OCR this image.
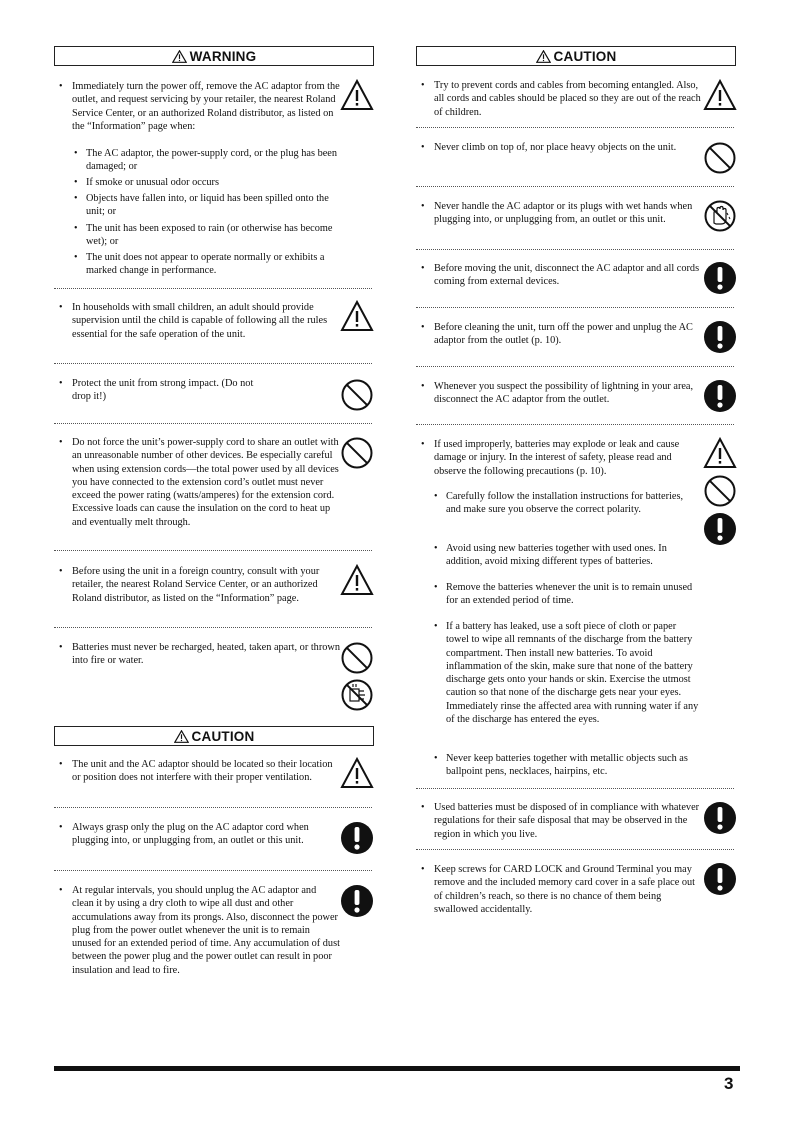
WARNING
• Immediately turn the power off, remove the AC adaptor from the outlet, and request servicing by your retailer, the nearest Roland Service Center, or an authorized Roland distributor, as listed on the “Information” page when:
• The AC adaptor, the power-supply cord, or the plug has been damaged; or
• If smoke or unusual odor occurs
• Objects have fallen into, or liquid has been spilled onto the unit; or
• The unit has been exposed to rain (or otherwise has become wet); or
• The unit does not appear to operate normally or exhibits a marked change in performance.
• In households with small children, an adult should provide supervision until the child is capable of following all the rules essential for the safe operation of the unit.
• Protect the unit from strong impact. (Do not drop it!)
• Do not force the unit’s power-supply cord to share an outlet with an unreasonable number of other devices. Be especially careful when using extension cords—the total power used by all devices you have connected to the extension cord’s outlet must never exceed the power rating (watts/amperes) for the extension cord. Excessive loads can cause the insulation on the cord to heat up and eventually melt through.
• Before using the unit in a foreign country, consult with your retailer, the nearest Roland Service Center, or an authorized Roland distributor, as listed on the “Information” page.
• Batteries must never be recharged, heated, taken apart, or thrown into fire or water.
CAUTION
• The unit and the AC adaptor should be located so their location or position does not interfere with their proper ventilation.
• Always grasp only the plug on the AC adaptor cord when plugging into, or unplugging from, an outlet or this unit.
• At regular intervals, you should unplug the AC adaptor and clean it by using a dry cloth to wipe all dust and other accumulations away from its prongs. Also, disconnect the power plug from the power outlet whenever the unit is to remain unused for an extended period of time. Any accumulation of dust between the power plug and the power outlet can result in poor insulation and lead to fire.
CAUTION
• Try to prevent cords and cables from becoming entangled. Also, all cords and cables should be placed so they are out of the reach of children.
• Never climb on top of, nor place heavy objects on the unit.
• Never handle the AC adaptor or its plugs with wet hands when plugging into, or unplugging from, an outlet or this unit.
• Before moving the unit, disconnect the AC adaptor and all cords coming from external devices.
• Before cleaning the unit, turn off the power and unplug the AC adaptor from the outlet (p. 10).
• Whenever you suspect the possibility of lightning in your area, disconnect the AC adaptor from the outlet.
• If used improperly, batteries may explode or leak and cause damage or injury. In the interest of safety, please read and observe the following precautions (p. 10).
• Carefully follow the installation instructions for batteries, and make sure you observe the correct polarity.
• Avoid using new batteries together with used ones. In addition, avoid mixing different types of batteries.
• Remove the batteries whenever the unit is to remain unused for an extended period of time.
• If a battery has leaked, use a soft piece of cloth or paper towel to wipe all remnants of the discharge from the battery compartment. Then install new batteries. To avoid inflammation of the skin, make sure that none of the battery discharge gets onto your hands or skin. Exercise the utmost caution so that none of the discharge gets near your eyes. Immediately rinse the affected area with running water if any of the discharge has entered the eyes.
• Never keep batteries together with metallic objects such as ballpoint pens, necklaces, hairpins, etc.
• Used batteries must be disposed of in compliance with whatever regulations for their safe disposal that may be observed in the region in which you live.
• Keep screws for CARD LOCK and Ground Terminal you may remove and the included memory card cover in a safe place out of children’s reach, so there is no chance of them being swallowed accidentally.
3
